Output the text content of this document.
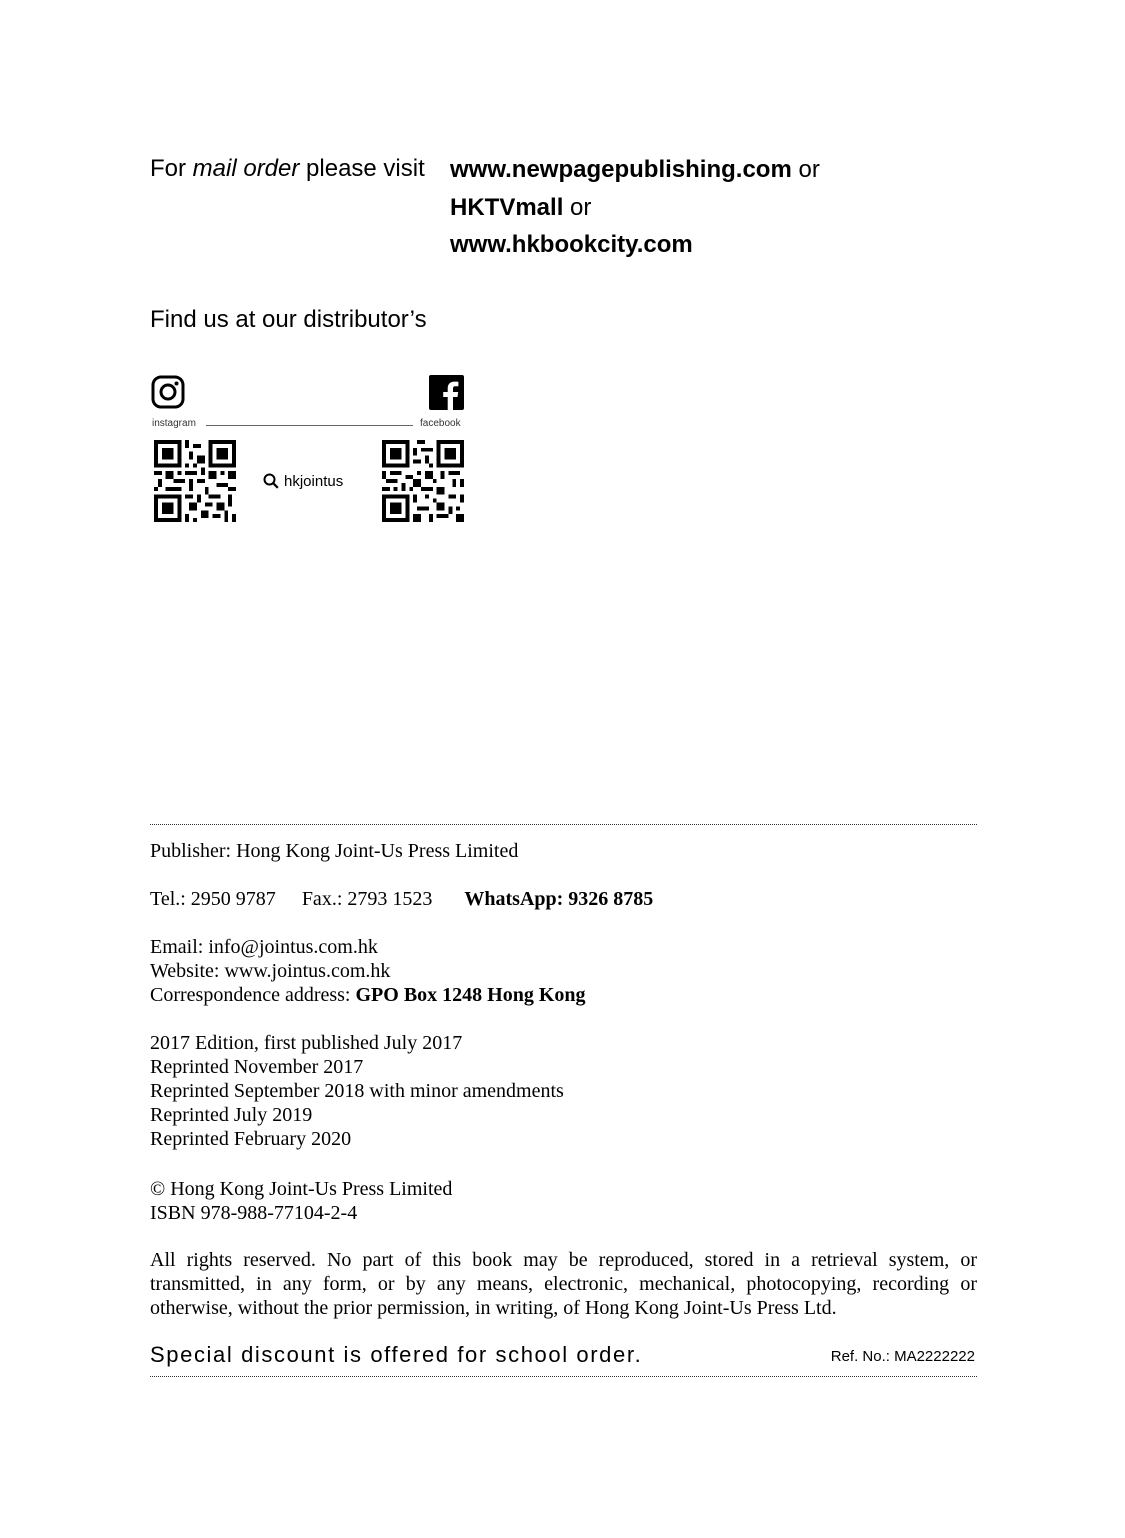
For mail order please visit www.newpagepublishing.com or
HKTVmall or
www.hkbookcity.com
Find us at our distributor’s
instagram	facebook
hkjointus
Publisher: Hong Kong Joint-Us Press Limited
Tel.: 2950 9787 Fax.: 2793 1523 WhatsApp: 9326 8785
Email: info@jointus.com.hk
Website: www.jointus.com.hk
Correspondence address: GPO Box 1248 Hong Kong
2017 Edition, first published July 2017
Reprinted November 2017
Reprinted September 2018 with minor amendments
Reprinted July 2019
Reprinted February 2020
© Hong Kong Joint-Us Press Limited
ISBN 978-988-77104-2-4
All rights reserved. No part of this book may be reproduced, stored in a retrieval system, or transmitted, in any form, or by any means, electronic, mechanical, photocopying, recording or otherwise, without the prior permission, in writing, of Hong Kong Joint-Us Press Ltd.
Special discount is offered for school order.	Ref. No.: MA2222222
